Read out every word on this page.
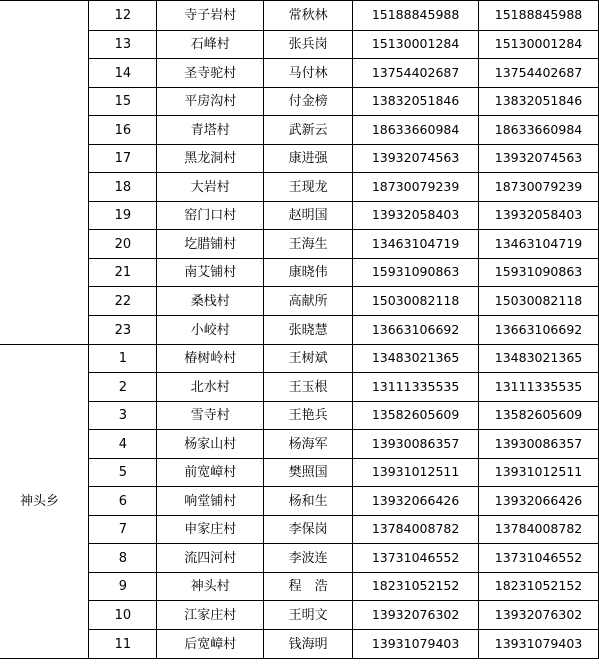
	12	寺子岩村	常秋林	15188845988	15188845988
	13	石峰村	张兵岗	15130001284	15130001284
	14	圣寺驼村	马付林	13754402687	13754402687
	15	平房沟村	付金榜	13832051846	13832051846
	16	青塔村	武新云	18633660984	18633660984
	17	黑龙洞村	康进强	13932074563	13932074563
	18	大岩村	王现龙	18730079239	18730079239
	19	窑门口村	赵明国	13932058403	13932058403
	20	圪腊铺村	王海生	13463104719	13463104719
	21	南艾铺村	康晓伟	15931090863	15931090863
	22	桑栈村	高献所	15030082118	15030082118
	23	小峧村	张晓慧	13663106692	13663106692
神头乡	1	椿树岭村	王树斌	13483021365	13483021365
	2	北水村	王玉根	13111335535	13111335535
	3	雪寺村	王艳兵	13582605609	13582605609
	4	杨家山村	杨海军	13930086357	13930086357
	5	前宽嶂村	樊照国	13931012511	13931012511
	6	响堂铺村	杨和生	13932066426	13932066426
	7	申家庄村	李保岗	13784008782	13784008782
	8	流四河村	李波连	13731046552	13731046552
	9	神头村	程　浩	18231052152	18231052152
	10	江家庄村	王明文	13932076302	13932076302
	11	后宽嶂村	钱海明	13931079403	13931079403
